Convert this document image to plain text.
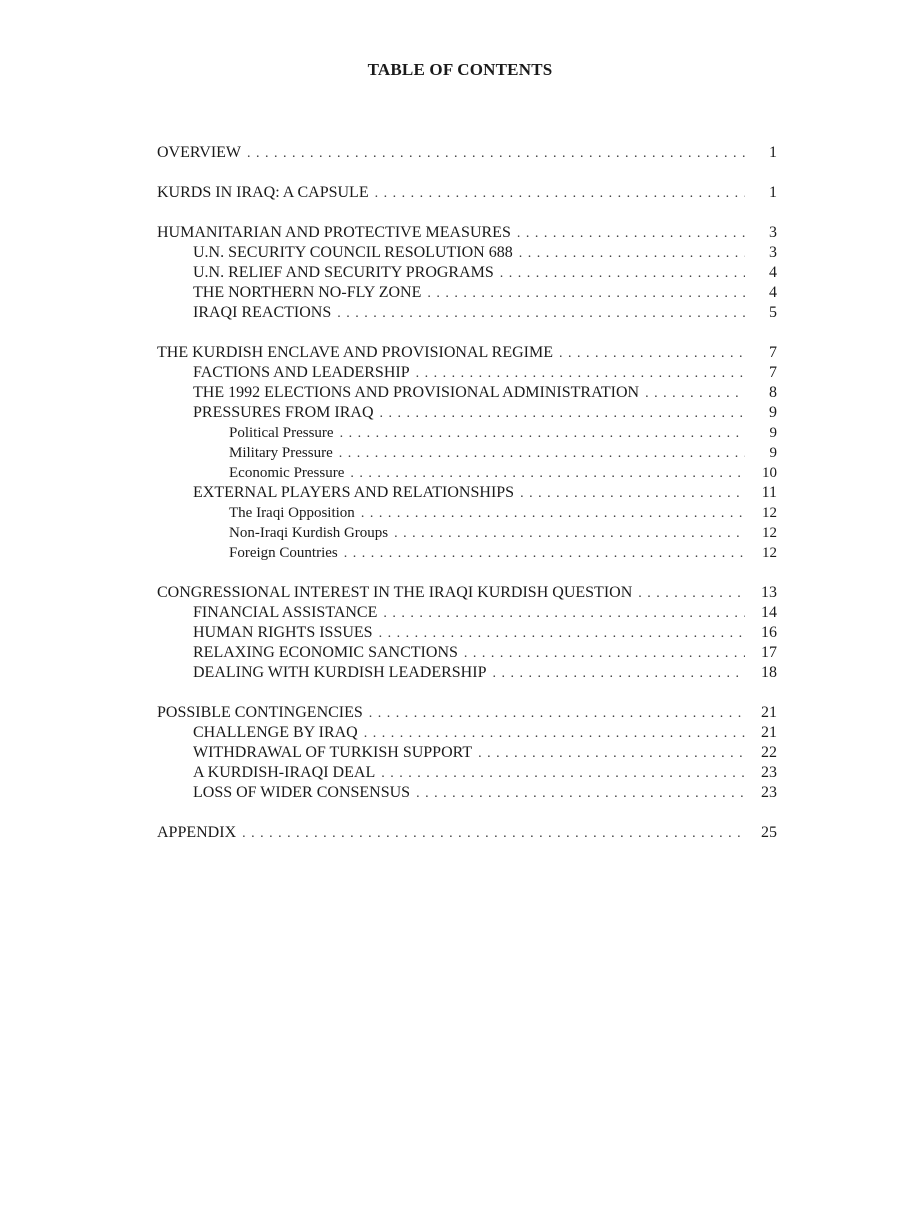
TABLE OF CONTENTS
OVERVIEW . . .	1
KURDS IN IRAQ: A CAPSULE . . .	1
HUMANITARIAN AND PROTECTIVE MEASURES . . .	3
U.N. SECURITY COUNCIL RESOLUTION 688 . . .	3
U.N. RELIEF AND SECURITY PROGRAMS . . .	4
THE NORTHERN NO-FLY ZONE . . .	4
IRAQI REACTIONS . . .	5
THE KURDISH ENCLAVE AND PROVISIONAL REGIME . . .	7
FACTIONS AND LEADERSHIP . . .	7
THE 1992 ELECTIONS AND PROVISIONAL ADMINISTRATION . . .	8
PRESSURES FROM IRAQ . . .	9
Political Pressure . . .	9
Military Pressure . . .	9
Economic Pressure . . .	10
EXTERNAL PLAYERS AND RELATIONSHIPS . . .	11
The Iraqi Opposition . . .	12
Non-Iraqi Kurdish Groups . . .	12
Foreign Countries . . .	12
CONGRESSIONAL INTEREST IN THE IRAQI KURDISH QUESTION . . .	13
FINANCIAL ASSISTANCE . . .	14
HUMAN RIGHTS ISSUES . . .	16
RELAXING ECONOMIC SANCTIONS . . .	17
DEALING WITH KURDISH LEADERSHIP . . .	18
POSSIBLE CONTINGENCIES . . .	21
CHALLENGE BY IRAQ . . .	21
WITHDRAWAL OF TURKISH SUPPORT . . .	22
A KURDISH-IRAQI DEAL . . .	23
LOSS OF WIDER CONSENSUS . . .	23
APPENDIX . . .	25
